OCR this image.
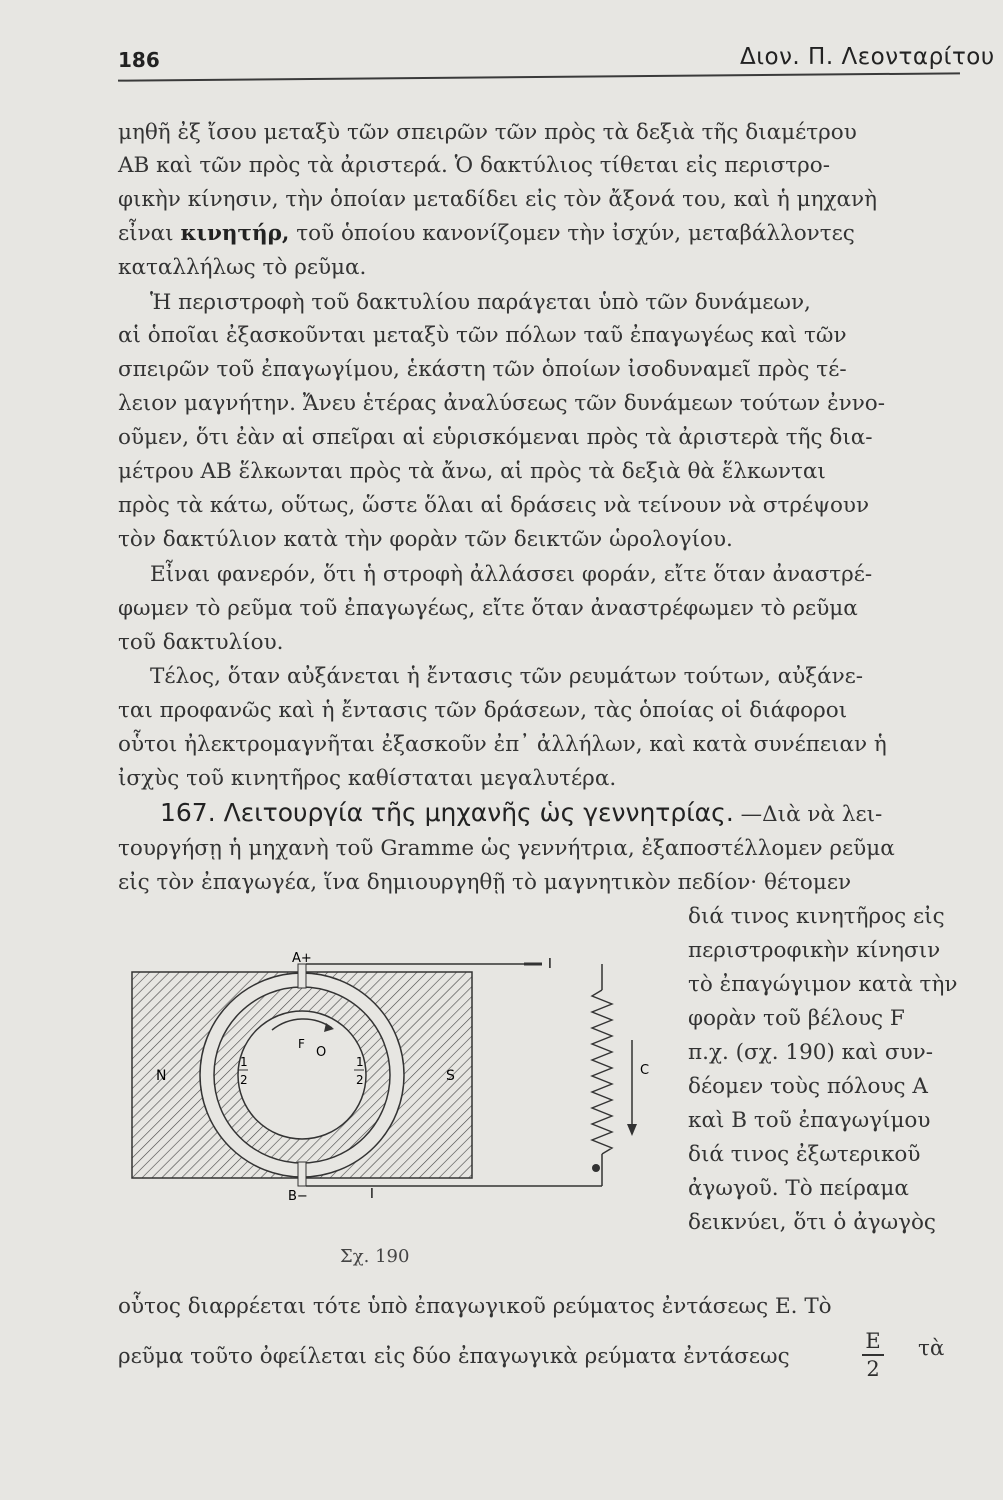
186	Διον. Π. Λεονταρίτου
μηθῆ ἐξ ἴσου μεταξὺ τῶν σπειρῶν τῶν πρὸς τὰ δεξιὰ τῆς διαμέτρου
ΑΒ καὶ τῶν πρὸς τὰ ἀριστερά. Ὁ δακτύλιος τίθεται εἰς περιστρο-
φικὴν κίνησιν, τὴν ὁποίαν μεταδίδει εἰς τὸν ἄξονά του, καὶ ἡ μηχανὴ
εἶναι κινητήρ, τοῦ ὁποίου κανονίζομεν τὴν ἰσχύν, μεταβάλλοντες
καταλλήλως τὸ ρεῦμα.
Ἡ περιστροφὴ τοῦ δακτυλίου παράγεται ὑπὸ τῶν δυνάμεων,
αἱ ὁποῖαι ἐξασκοῦνται μεταξὺ τῶν πόλων ταῦ ἐπαγωγέως καὶ τῶν
σπειρῶν τοῦ ἐπαγωγίμου, ἑκάστη τῶν ὁποίων ἰσοδυναμεῖ πρὸς τέ-
λειον μαγνήτην. Ἄνευ ἑτέρας ἀναλύσεως τῶν δυνάμεων τούτων ἐννο-
οῦμεν, ὅτι ἐὰν αἱ σπεῖραι αἱ εὑρισκόμεναι πρὸς τὰ ἀριστερὰ τῆς δια-
μέτρου ΑΒ ἕλκωνται πρὸς τὰ ἄνω, αἱ πρὸς τὰ δεξιὰ θὰ ἕλκωνται
πρὸς τὰ κάτω, οὕτως, ὥστε ὅλαι αἱ δράσεις νὰ τείνουν νὰ στρέψουν
τὸν δακτύλιον κατὰ τὴν φορὰν τῶν δεικτῶν ὡρολογίου.
Εἶναι φανερόν, ὅτι ἡ στροφὴ ἀλλάσσει φοράν, εἴτε ὅταν ἀναστρέ-
φωμεν τὸ ρεῦμα τοῦ ἐπαγωγέως, εἴτε ὅταν ἀναστρέφωμεν τὸ ρεῦμα
τοῦ δακτυλίου.
Τέλος, ὅταν αὐξάνεται ἡ ἔντασις τῶν ρευμάτων τούτων, αὐξάνε-
ται προφανῶς καὶ ἡ ἔντασις τῶν δράσεων, τὰς ὁποίας οἱ διάφοροι
οὗτοι ἠλεκτρομαγνῆται ἐξασκοῦν ἐπ᾿ ἀλλήλων, καὶ κατὰ συνέπειαν ἡ
ἰσχὺς τοῦ κινητῆρος καθίσταται μεγαλυτέρα.
167. Λειτουργία τῆς μηχανῆς ὡς γεννητρίας. —Διὰ νὰ λει-
τουργήσῃ ἡ μηχανὴ τοῦ Gramme ὡς γεννήτρια, ἐξαποστέλλομεν ρεῦμα
εἰς τὸν ἐπαγωγέα, ἵνα δημιουργηθῇ τὸ μαγνητικὸν πεδίον· θέτομεν
διά τινος κινητῆρος εἰς
περιστροφικὴν κίνησιν
τὸ ἐπαγώγιμον κατὰ τὴν
φορὰν τοῦ βέλους F
π.χ. (σχ. 190) καὶ συν-
δέομεν τοὺς πόλους A
καὶ B τοῦ ἐπαγωγίμου
διά τινος ἐξωτερικοῦ
ἀγωγοῦ. Τὸ πείραμα
δεικνύει, ὅτι ὁ ἀγωγὸς
A+
B−
I
I
N	S
O
F
C
1
2
1
2
Σχ. 190
οὗτος διαρρέεται τότε ὑπὸ ἐπαγωγικοῦ ρεύματος ἐντάσεως E. Τὸ
ρεῦμα τοῦτο ὀφείλεται εἰς δύο ἐπαγωγικὰ ρεύματα ἐντάσεως
E
2
τὰ
